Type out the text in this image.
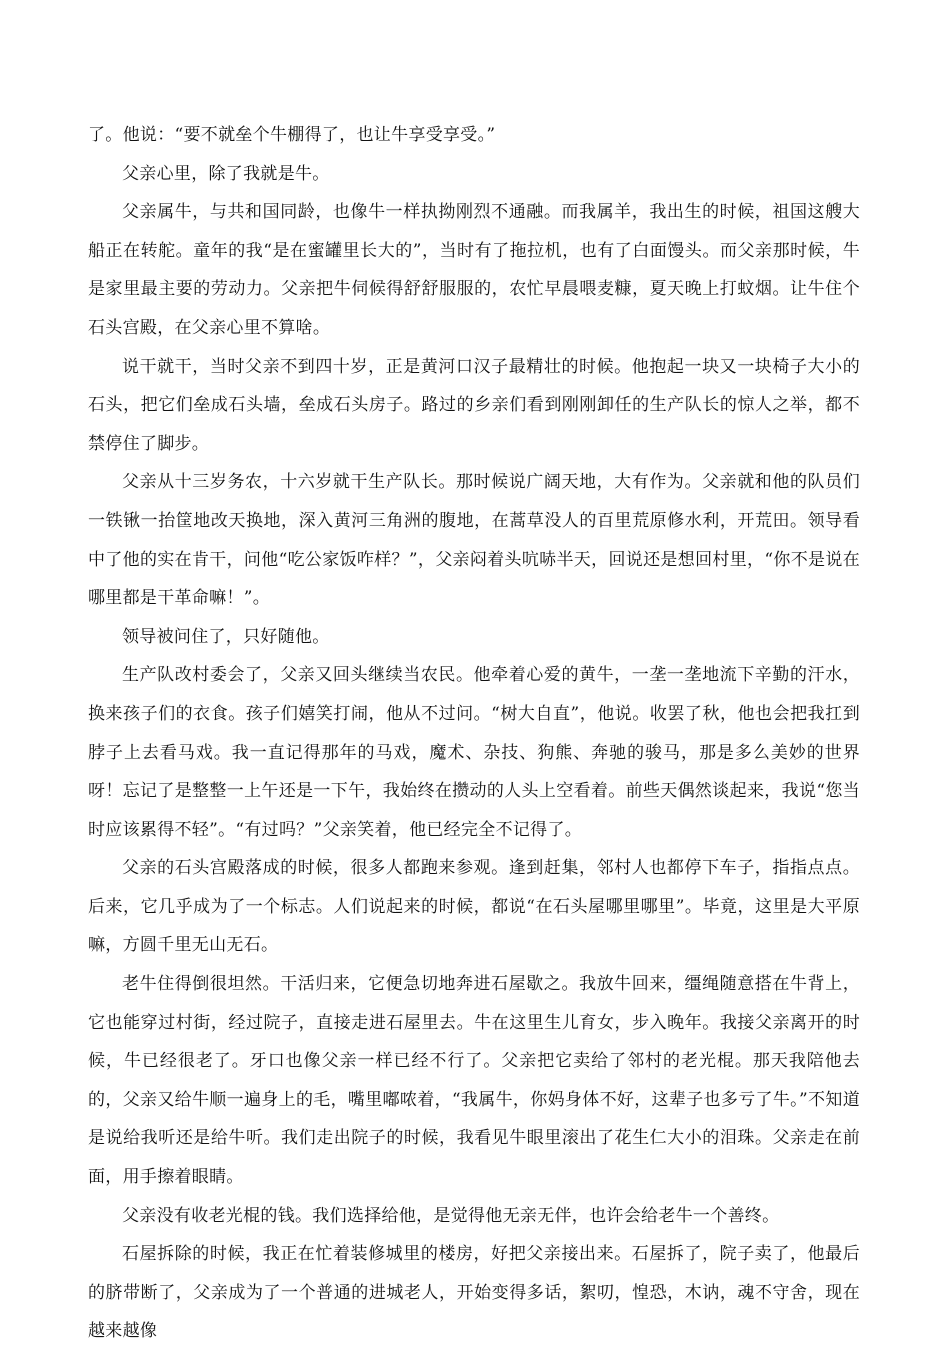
了。他说：“要不就垒个牛棚得了，也让牛享受享受。”

父亲心里，除了我就是牛。

父亲属牛，与共和国同龄，也像牛一样执拗刚烈不通融。而我属羊，我出生的时候，祖国这艘大船正在转舵。童年的我“是在蜜罐里长大的”，当时有了拖拉机，也有了白面馒头。而父亲那时候，牛是家里最主要的劳动力。父亲把牛伺候得舒舒服服的，农忙早晨喂麦糠，夏天晚上打蚊烟。让牛住个石头宫殿，在父亲心里不算啥。

说干就干，当时父亲不到四十岁，正是黄河口汉子最精壮的时候。他抱起一块又一块椅子大小的石头，把它们垒成石头墙，垒成石头房子。路过的乡亲们看到刚刚卸任的生产队长的惊人之举，都不禁停住了脚步。

父亲从十三岁务农，十六岁就干生产队长。那时候说广阔天地，大有作为。父亲就和他的队员们一铁锹一抬筐地改天换地，深入黄河三角洲的腹地，在蒿草没人的百里荒原修水利，开荒田。领导看中了他的实在肯干，问他“吃公家饭咋样？”，父亲闷着头吭哧半天，回说还是想回村里，“你不是说在哪里都是干革命嘛！”。

领导被问住了，只好随他。

生产队改村委会了，父亲又回头继续当农民。他牵着心爱的黄牛，一垄一垄地流下辛勤的汗水，换来孩子们的衣食。孩子们嬉笑打闹，他从不过问。“树大自直”，他说。收罢了秋，他也会把我扛到脖子上去看马戏。我一直记得那年的马戏，魔术、杂技、狗熊、奔驰的骏马，那是多么美妙的世界呀！忘记了是整整一上午还是一下午，我始终在攒动的人头上空看着。前些天偶然谈起来，我说“您当时应该累得不轻”。“有过吗？”父亲笑着，他已经完全不记得了。

父亲的石头宫殿落成的时候，很多人都跑来参观。逢到赶集，邻村人也都停下车子，指指点点。后来，它几乎成为了一个标志。人们说起来的时候，都说“在石头屋哪里哪里”。毕竟，这里是大平原嘛，方圆千里无山无石。

老牛住得倒很坦然。干活归来，它便急切地奔进石屋歇之。我放牛回来，缰绳随意搭在牛背上，它也能穿过村街，经过院子，直接走进石屋里去。牛在这里生儿育女，步入晚年。我接父亲离开的时候，牛已经很老了。牙口也像父亲一样已经不行了。父亲把它卖给了邻村的老光棍。那天我陪他去的，父亲又给牛顺一遍身上的毛，嘴里嘟哝着，“我属牛，你妈身体不好，这辈子也多亏了牛。”不知道是说给我听还是给牛听。我们走出院子的时候，我看见牛眼里滚出了花生仁大小的泪珠。父亲走在前面，用手擦着眼睛。

父亲没有收老光棍的钱。我们选择给他，是觉得他无亲无伴，也许会给老牛一个善终。

石屋拆除的时候，我正在忙着装修城里的楼房，好把父亲接出来。石屋拆了，院子卖了，他最后的脐带断了，父亲成为了一个普通的进城老人，开始变得多话，絮叨，惶恐，木讷，魂不守舍，现在越来越像
